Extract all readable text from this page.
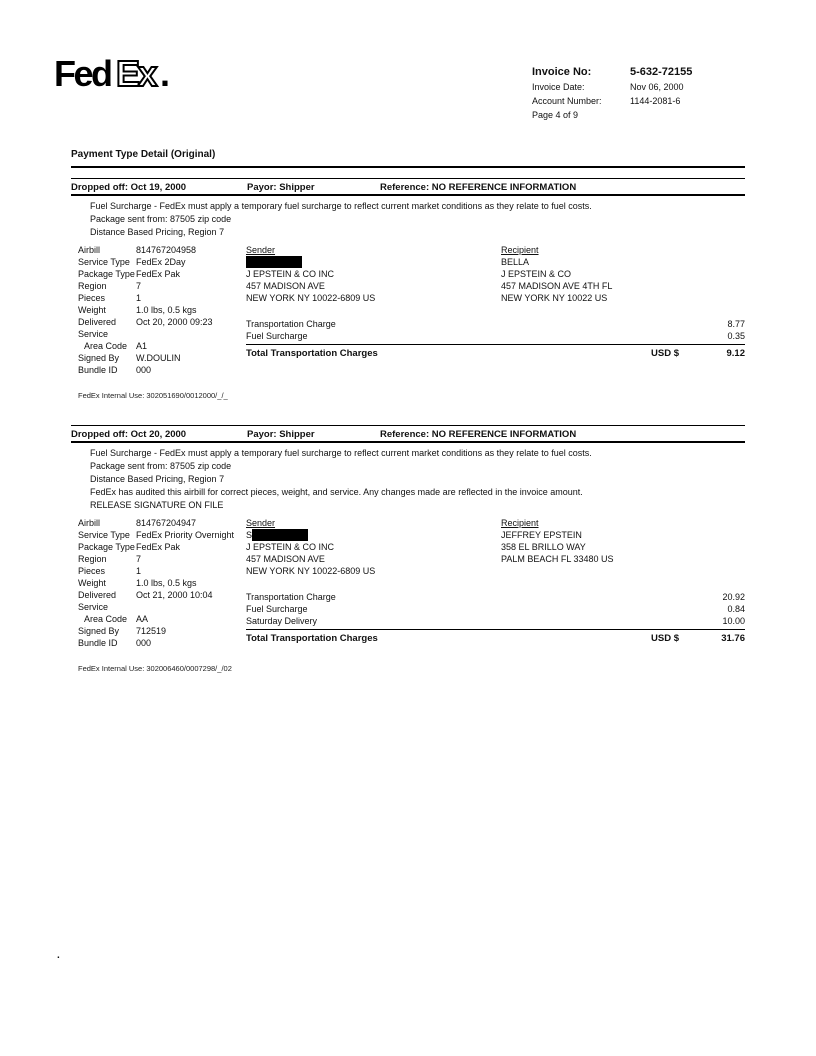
Fed Ex .	Invoice No:	5-632-72155
Invoice Date:	Nov 06, 2000
Account Number:	1144-2081-6
Page 4 of 9
Payment Type Detail (Original)
Dropped off: Oct 19, 2000	Payor: Shipper	Reference: NO REFERENCE INFORMATION
Fuel Surcharge - FedEx must apply a temporary fuel surcharge to reflect current market conditions as they relate to fuel costs.
Package sent from: 87505 zip code
Distance Based Pricing, Region 7
Airbill	814767204958
Service Type FedEx 2Day
Package Type FedEx Pak
Region	7
Pieces	1
Weight	1.0 lbs, 0.5 kgs
Delivered	Oct 20, 2000 09:23
Service
Area Code A1
Signed By	W.DOULIN
Bundle ID	000
Sender
J EPSTEIN & CO INC
457 MADISON AVE
NEW YORK NY 10022-6809 US
Recipient
BELLA
J EPSTEIN & CO
457 MADISON AVE 4TH FL
NEW YORK NY 10022 US
Transportation Charge	8.77
Fuel Surcharge	0.35
Total Transportation Charges	USD $	9.12
FedEx Internal Use: 302051690/0012000/_/_
Dropped off: Oct 20, 2000	Payor: Shipper	Reference: NO REFERENCE INFORMATION
Fuel Surcharge - FedEx must apply a temporary fuel surcharge to reflect current market conditions as they relate to fuel costs.
Package sent from: 87505 zip code
Distance Based Pricing, Region 7
FedEx has audited this airbill for correct pieces, weight, and service. Any changes made are reflected in the invoice amount.
RELEASE SIGNATURE ON FILE
Airbill	814767204947
Service Type FedEx Priority Overnight
Package Type FedEx Pak
Region	7
Pieces	1
Weight	1.0 lbs, 0.5 kgs
Delivered	Oct 21, 2000 10:04
Service
Area Code AA
Signed By	712519
Bundle ID	000
Sender
S
J EPSTEIN & CO INC
457 MADISON AVE
NEW YORK NY 10022-6809 US
Recipient
JEFFREY EPSTEIN
358 EL BRILLO WAY
PALM BEACH FL 33480 US
Transportation Charge	20.92
Fuel Surcharge	0.84
Saturday Delivery	10.00
Total Transportation Charges	USD $	31.76
FedEx Internal Use: 302006460/0007298/_/02
.
